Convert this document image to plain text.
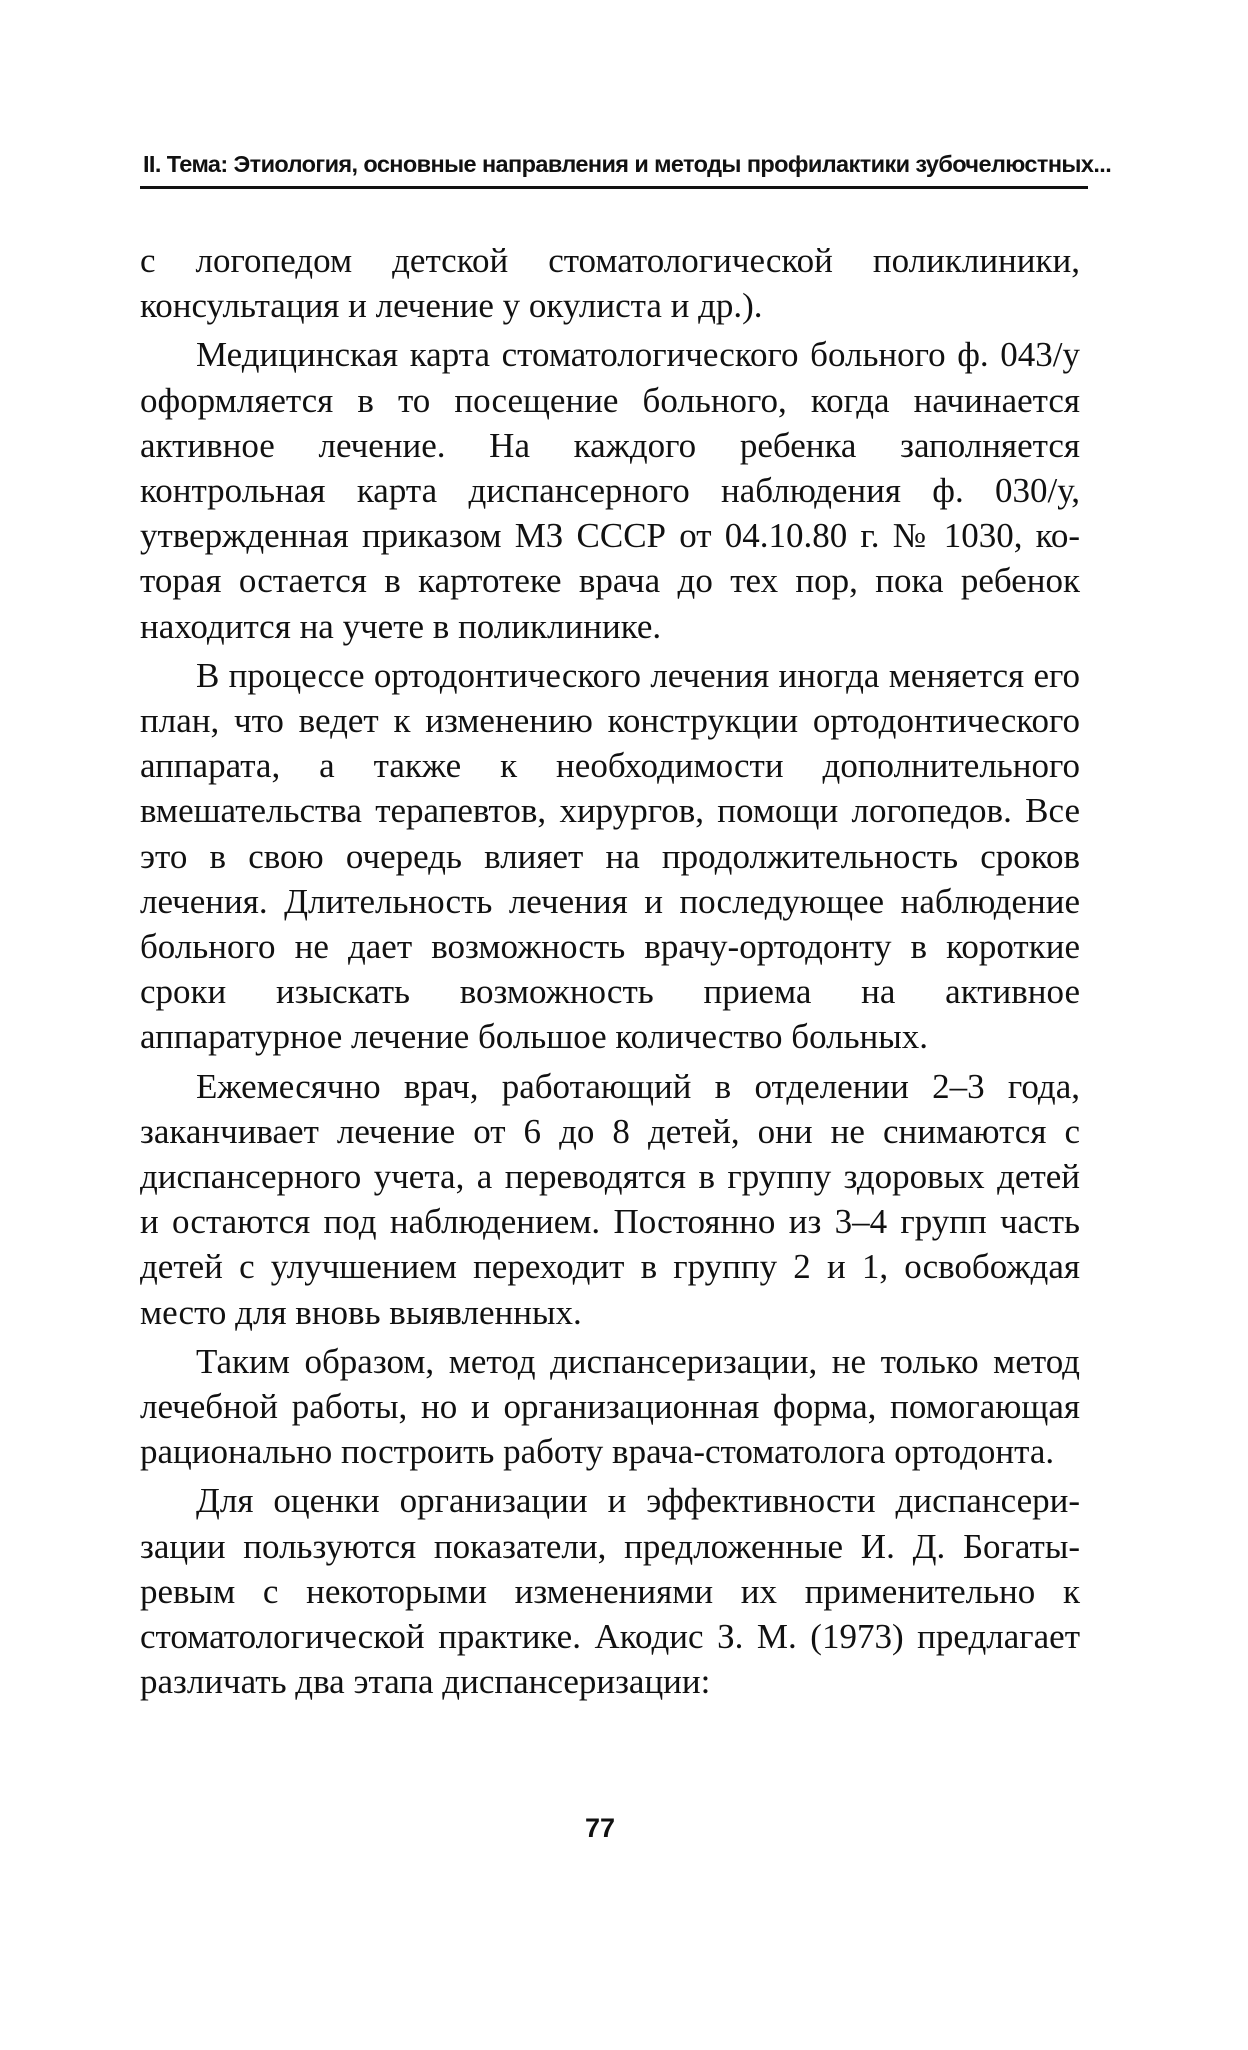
II. Тема: Этиология, основные направления и методы профилактики зубочелюстных...

с логопедом детской стоматологической поликлиники, консультация и лечение у окулиста и др.).

Медицинская карта стоматологического больного ф. 043/у оформляется в то посещение больного, когда начинается активное лечение. На каждого ребенка заполняется контрольная карта диспансерного наблюдения ф. 030/у, утвержденная приказом МЗ СССР от 04.10.80 г. № 1030, которая остается в картотеке врача до тех пор, пока ребенок находится на учете в поликлинике.

В процессе ортодонтического лечения иногда меняется его план, что ведет к изменению конструкции ортодонтического аппарата, а также к необходимости дополнительного вмешательства терапевтов, хирургов, помощи логопедов. Все это в свою очередь влияет на продолжительность сроков лечения. Длительность лечения и последующее наблюдение больного не дает возможность врачу-ортодонту в короткие сроки изыскать возможность приема на активное аппаратурное лечение большое количество больных.

Ежемесячно врач, работающий в отделении 2–3 года, заканчивает лечение от 6 до 8 детей, они не снимаются с диспансерного учета, а переводятся в группу здоровых детей и остаются под наблюдением. Постоянно из 3–4 групп часть детей с улучшением переходит в группу 2 и 1, освобождая место для вновь выявленных.

Таким образом, метод диспансеризации, не только метод лечебной работы, но и организационная форма, помогающая рационально построить работу врача-стоматолога ортодонта.

Для оценки организации и эффективности диспансеризации пользуются показатели, предложенные И. Д. Богатыревым с некоторыми изменениями их применительно к стоматологической практике. Акодис З. М. (1973) предлагает различать два этапа диспансеризации:

77
